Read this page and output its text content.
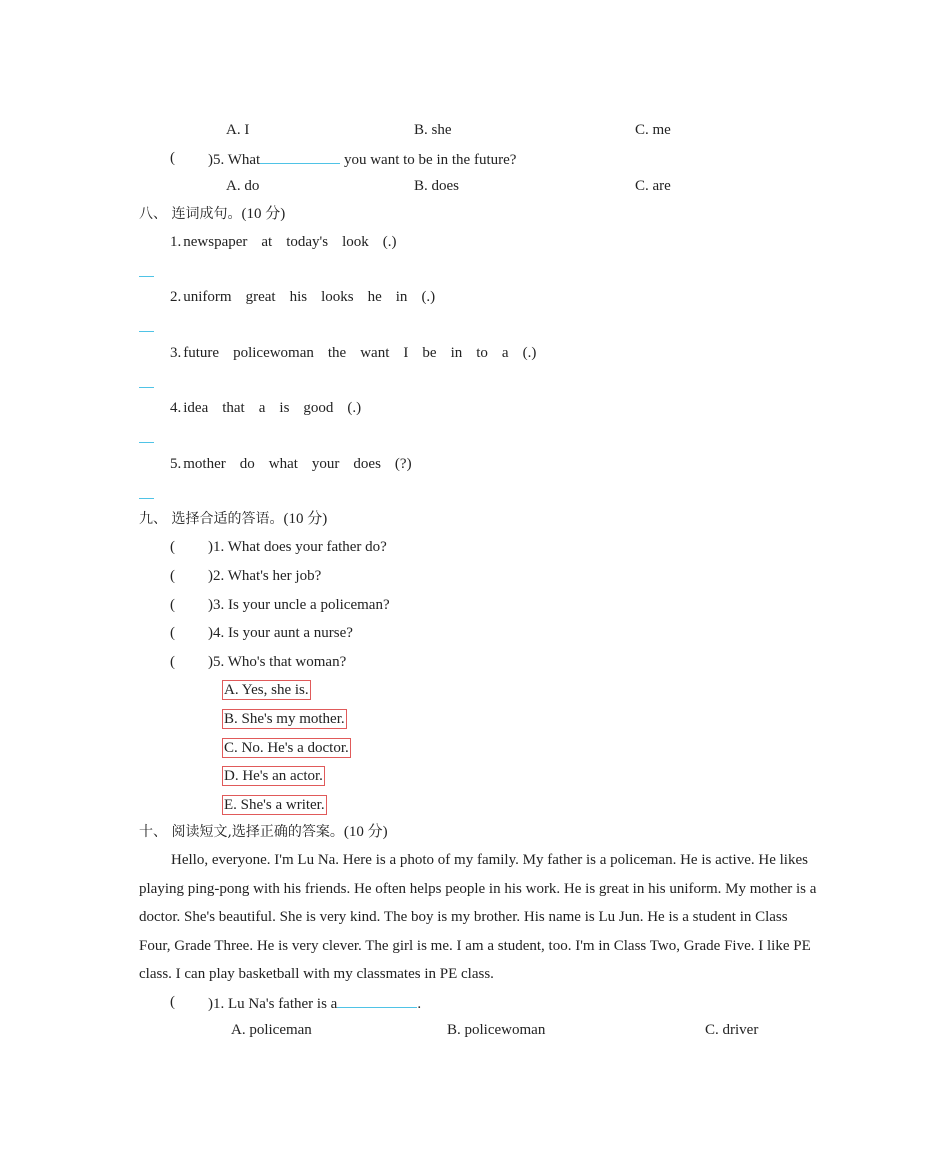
A. I	B. she	C. me
( )5. What	you want to be in the future?
A. do	B. does	C. are
八、 连词成句。(10 分)
1. newspaper at today's look (.)
2. uniform great his looks he in (.)
3. future policewoman the want I be in to a (.)
4. idea that a is good (.)
5. mother do what your does (?)
九、 选择合适的答语。(10 分)
( )1. What does your father do?
( )2. What's her job?
( )3. Is your uncle a policeman?
( )4. Is your aunt a nurse?
( )5. Who's that woman?
A. Yes, she is.
B. She's my mother.
C. No. He's a doctor.
D. He's an actor.
E. She's a writer.
十、 阅读短文,选择正确的答案。(10 分)
Hello, everyone. I'm Lu Na. Here is a photo of my family. My father is a policeman. He is active. He likes playing ping-pong with his friends. He often helps people in his work. He is great in his uniform. My mother is a doctor. She's beautiful. She is very kind. The boy is my brother. His name is Lu Jun. He is a student in Class Four, Grade Three. He is very clever. The girl is me. I am a student, too. I'm in Class Two, Grade Five. I like PE class. I can play basketball with my classmates in PE class.
( )1. Lu Na's father is a	.
A. policeman	B. policewoman	C. driver
